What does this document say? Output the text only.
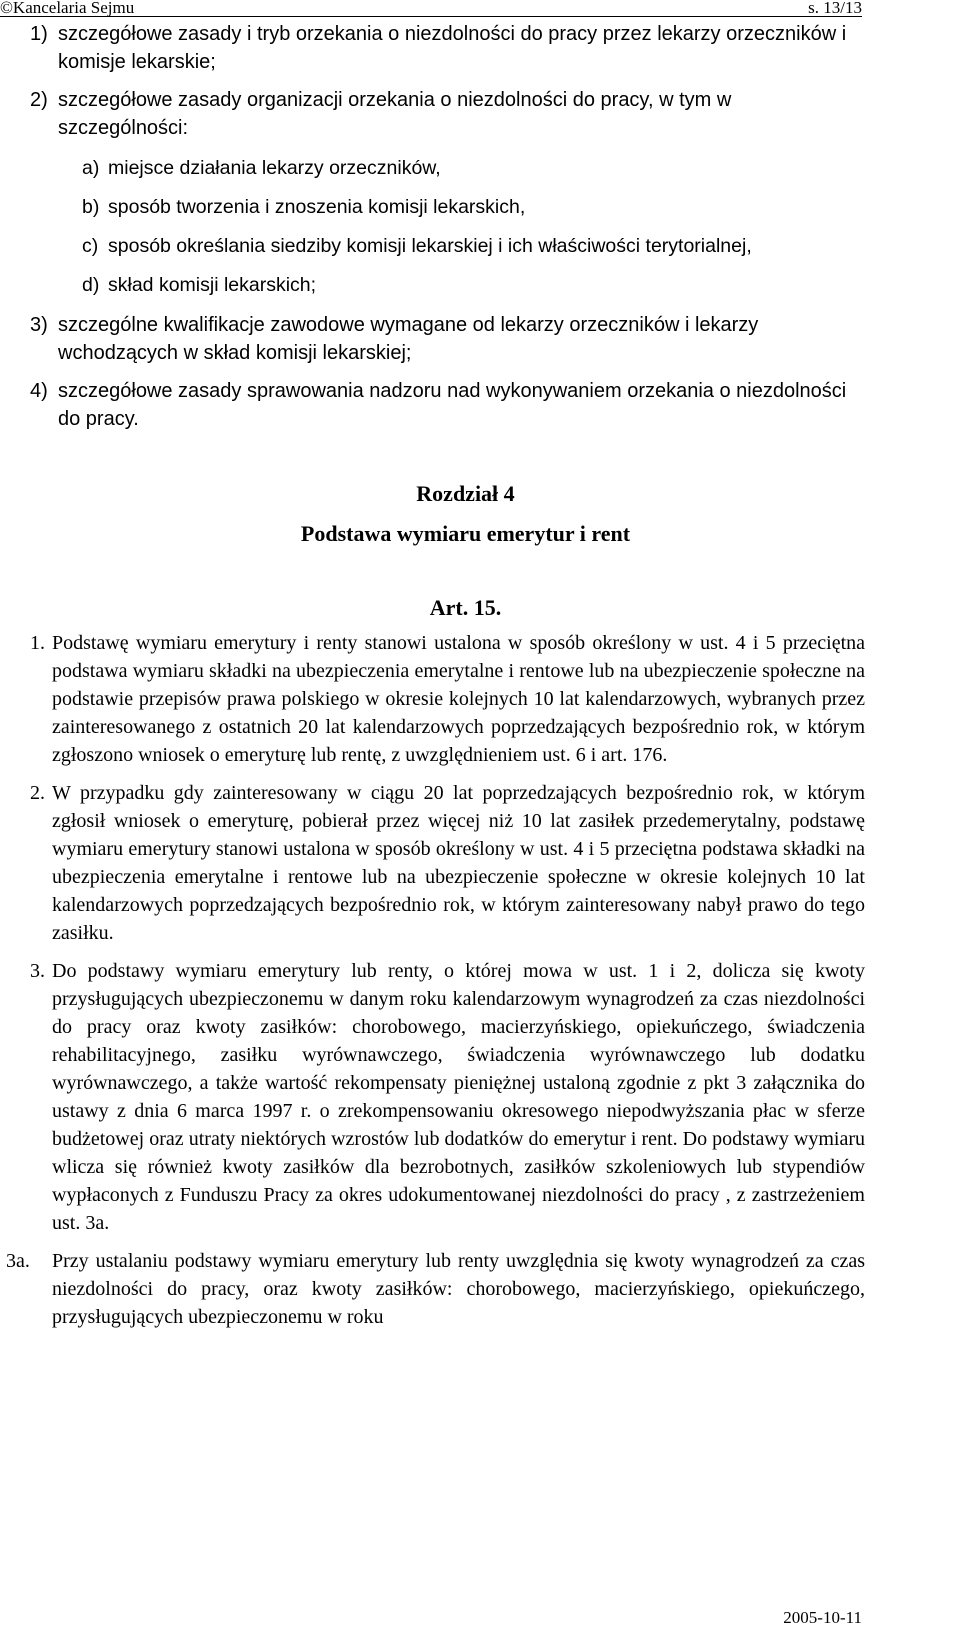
©Kancelaria Sejmu	s. 13/13
1) szczegółowe zasady i tryb orzekania o niezdolności do pracy przez lekarzy orzeczników i komisje lekarskie;
2) szczegółowe zasady organizacji orzekania o niezdolności do pracy, w tym w szczególności:
a) miejsce działania lekarzy orzeczników,
b) sposób tworzenia i znoszenia komisji lekarskich,
c) sposób określania siedziby komisji lekarskiej i ich właściwości terytorialnej,
d) skład komisji lekarskich;
3) szczególne kwalifikacje zawodowe wymagane od lekarzy orzeczników i lekarzy wchodzących w skład komisji lekarskiej;
4) szczegółowe zasady sprawowania nadzoru nad wykonywaniem orzekania o niezdolności do pracy.
Rozdział 4
Podstawa wymiaru emerytur i rent
Art. 15.
1. Podstawę wymiaru emerytury i renty stanowi ustalona w sposób określony w ust. 4 i 5 przeciętna podstawa wymiaru składki na ubezpieczenia emerytalne i rentowe lub na ubezpieczenie społeczne na podstawie przepisów prawa polskiego w okresie kolejnych 10 lat kalendarzowych, wybranych przez zainteresowanego z ostatnich 20 lat kalendarzowych poprzedzających bezpośrednio rok, w którym zgłoszono wniosek o emeryturę lub rentę, z uwzględnieniem ust. 6 i art. 176.
2. W przypadku gdy zainteresowany w ciągu 20 lat poprzedzających bezpośrednio rok, w którym zgłosił wniosek o emeryturę, pobierał przez więcej niż 10 lat zasiłek przedemerytalny, podstawę wymiaru emerytury stanowi ustalona w sposób określony w ust. 4 i 5 przeciętna podstawa składki na ubezpieczenia emerytalne i rentowe lub na ubezpieczenie społeczne w okresie kolejnych 10 lat kalendarzowych poprzedzających bezpośrednio rok, w którym zainteresowany nabył prawo do tego zasiłku.
3. Do podstawy wymiaru emerytury lub renty, o której mowa w ust. 1 i 2, dolicza się kwoty przysługujących ubezpieczonemu w danym roku kalendarzowym wynagrodzeń za czas niezdolności do pracy oraz kwoty zasiłków: chorobowego, macierzyńskiego, opiekuńczego, świadczenia rehabilitacyjnego, zasiłku wyrównawczego, świadczenia wyrównawczego lub dodatku wyrównawczego, a także wartość rekompensaty pieniężnej ustaloną zgodnie z pkt 3 załącznika do ustawy z dnia 6 marca 1997 r. o zrekompensowaniu okresowego niepodwyższania płac w sferze budżetowej oraz utraty niektórych wzrostów lub dodatków do emerytur i rent. Do podstawy wymiaru wlicza się również kwoty zasiłków dla bezrobotnych, zasiłków szkoleniowych lub stypendiów wypłaconych z Funduszu Pracy za okres udokumentowanej niezdolności do pracy , z zastrzeżeniem ust. 3a.
3a.	Przy ustalaniu podstawy wymiaru emerytury lub renty uwzględnia się kwoty wynagrodzeń za czas niezdolności do pracy, oraz kwoty zasiłków: chorobowego, macierzyńskiego, opiekuńczego, przysługujących ubezpieczonemu w roku
2005-10-11
